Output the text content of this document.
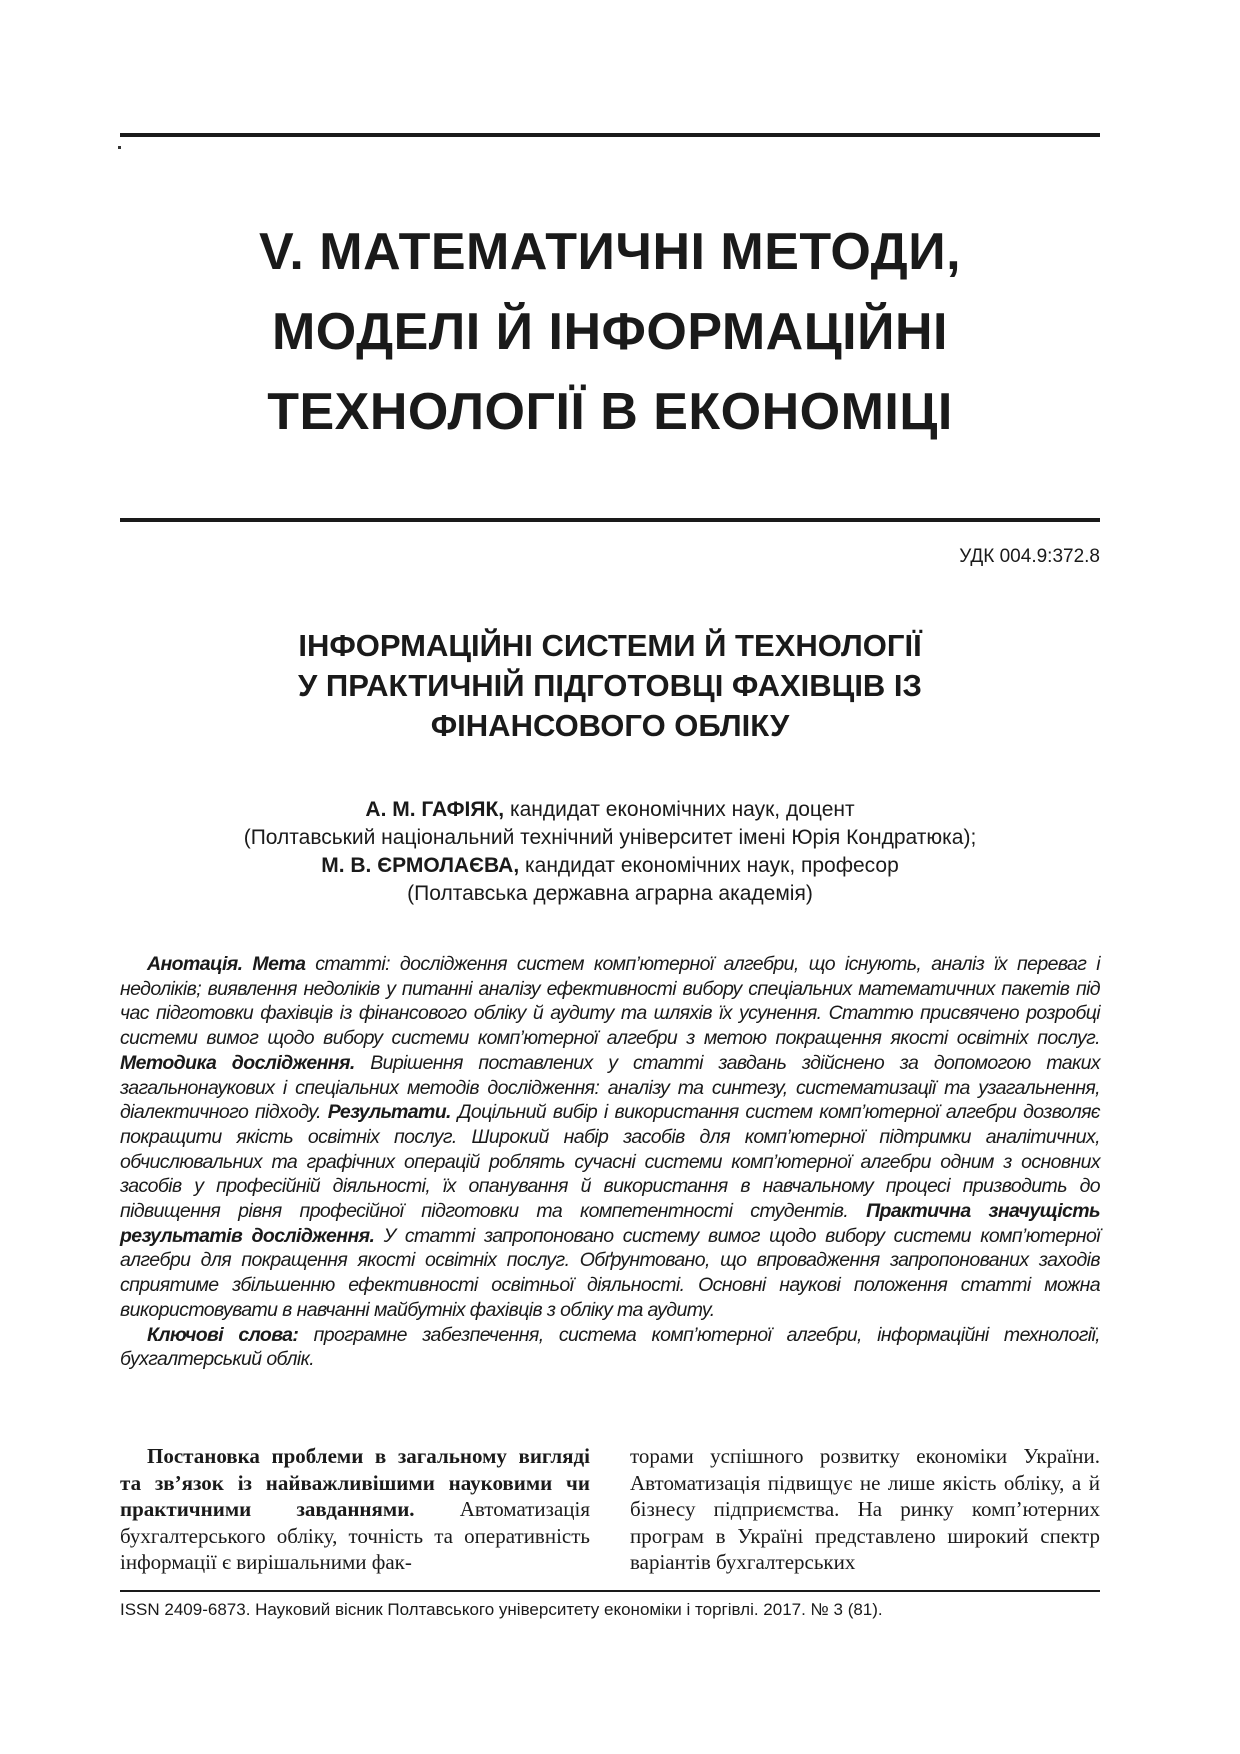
V. МАТЕМАТИЧНІ МЕТОДИ,
МОДЕЛІ Й ІНФОРМАЦІЙНІ
ТЕХНОЛОГІЇ В ЕКОНОМІЦІ
УДК 004.9:372.8
ІНФОРМАЦІЙНІ СИСТЕМИ Й ТЕХНОЛОГІЇ
У ПРАКТИЧНІЙ ПІДГОТОВЦІ ФАХІВЦІВ ІЗ
ФІНАНСОВОГО ОБЛІКУ
А. М. ГАФІЯК, кандидат економічних наук, доцент
(Полтавський національний технічний університет імені Юрія Кондратюка);
М. В. ЄРМОЛАЄВА, кандидат економічних наук, професор
(Полтавська державна аграрна академія)

Анотація. Мета статті: дослідження систем комп’ютерної алгебри, що існують, аналіз їх переваг і недоліків; виявлення недоліків у питанні аналізу ефективності вибору спеціальних математичних пакетів під час підготовки фахівців із фінансового обліку й аудиту та шляхів їх усунення. Статтю присвячено розробці системи вимог щодо вибору системи комп’ютерної алгебри з метою покращення якості освітніх послуг. Методика дослідження. Вирішення поставлених у статті завдань здійснено за допомогою таких загальнонаукових і спеціальних методів дослідження: аналізу та синтезу, систематизації та узагальнення, діалектичного підходу. Результати. Доцільний вибір і використання систем комп’ютерної алгебри дозволяє покращити якість освітніх послуг. Широкий набір засобів для комп’ютерної підтримки аналітичних, обчислювальних та графічних операцій роблять сучасні системи комп’ютерної алгебри одним з основних засобів у професійній діяльності, їх опанування й використання в навчальному процесі призводить до підвищення рівня професійної підготовки та компетентності студентів. Практична значущість результатів дослідження. У статті запропоновано систему вимог щодо вибору системи комп’ютерної алгебри для покращення якості освітніх послуг. Обґрунтовано, що впровадження запропонованих заходів сприятиме збільшенню ефективності освітньої діяльності. Основні наукові положення статті можна використовувати в навчанні майбутніх фахівців з обліку та аудиту.

Ключові слова: програмне забезпечення, система комп’ютерної алгебри, інформаційні технології, бухгалтерський облік.

Постановка проблеми в загальному вигляді та зв’язок із найважливішими науковими чи практичними завданнями. Автоматизація бухгалтерського обліку, точність та оперативність інформації є вирішальними фак-

торами успішного розвитку економіки України. Автоматизація підвищує не лише якість обліку, а й бізнесу підприємства. На ринку комп’ютерних програм в Україні представлено широкий спектр варіантів бухгалтерських

ISSN 2409-6873. Науковий вісник Полтавського університету економіки і торгівлі. 2017. № 3 (81).
